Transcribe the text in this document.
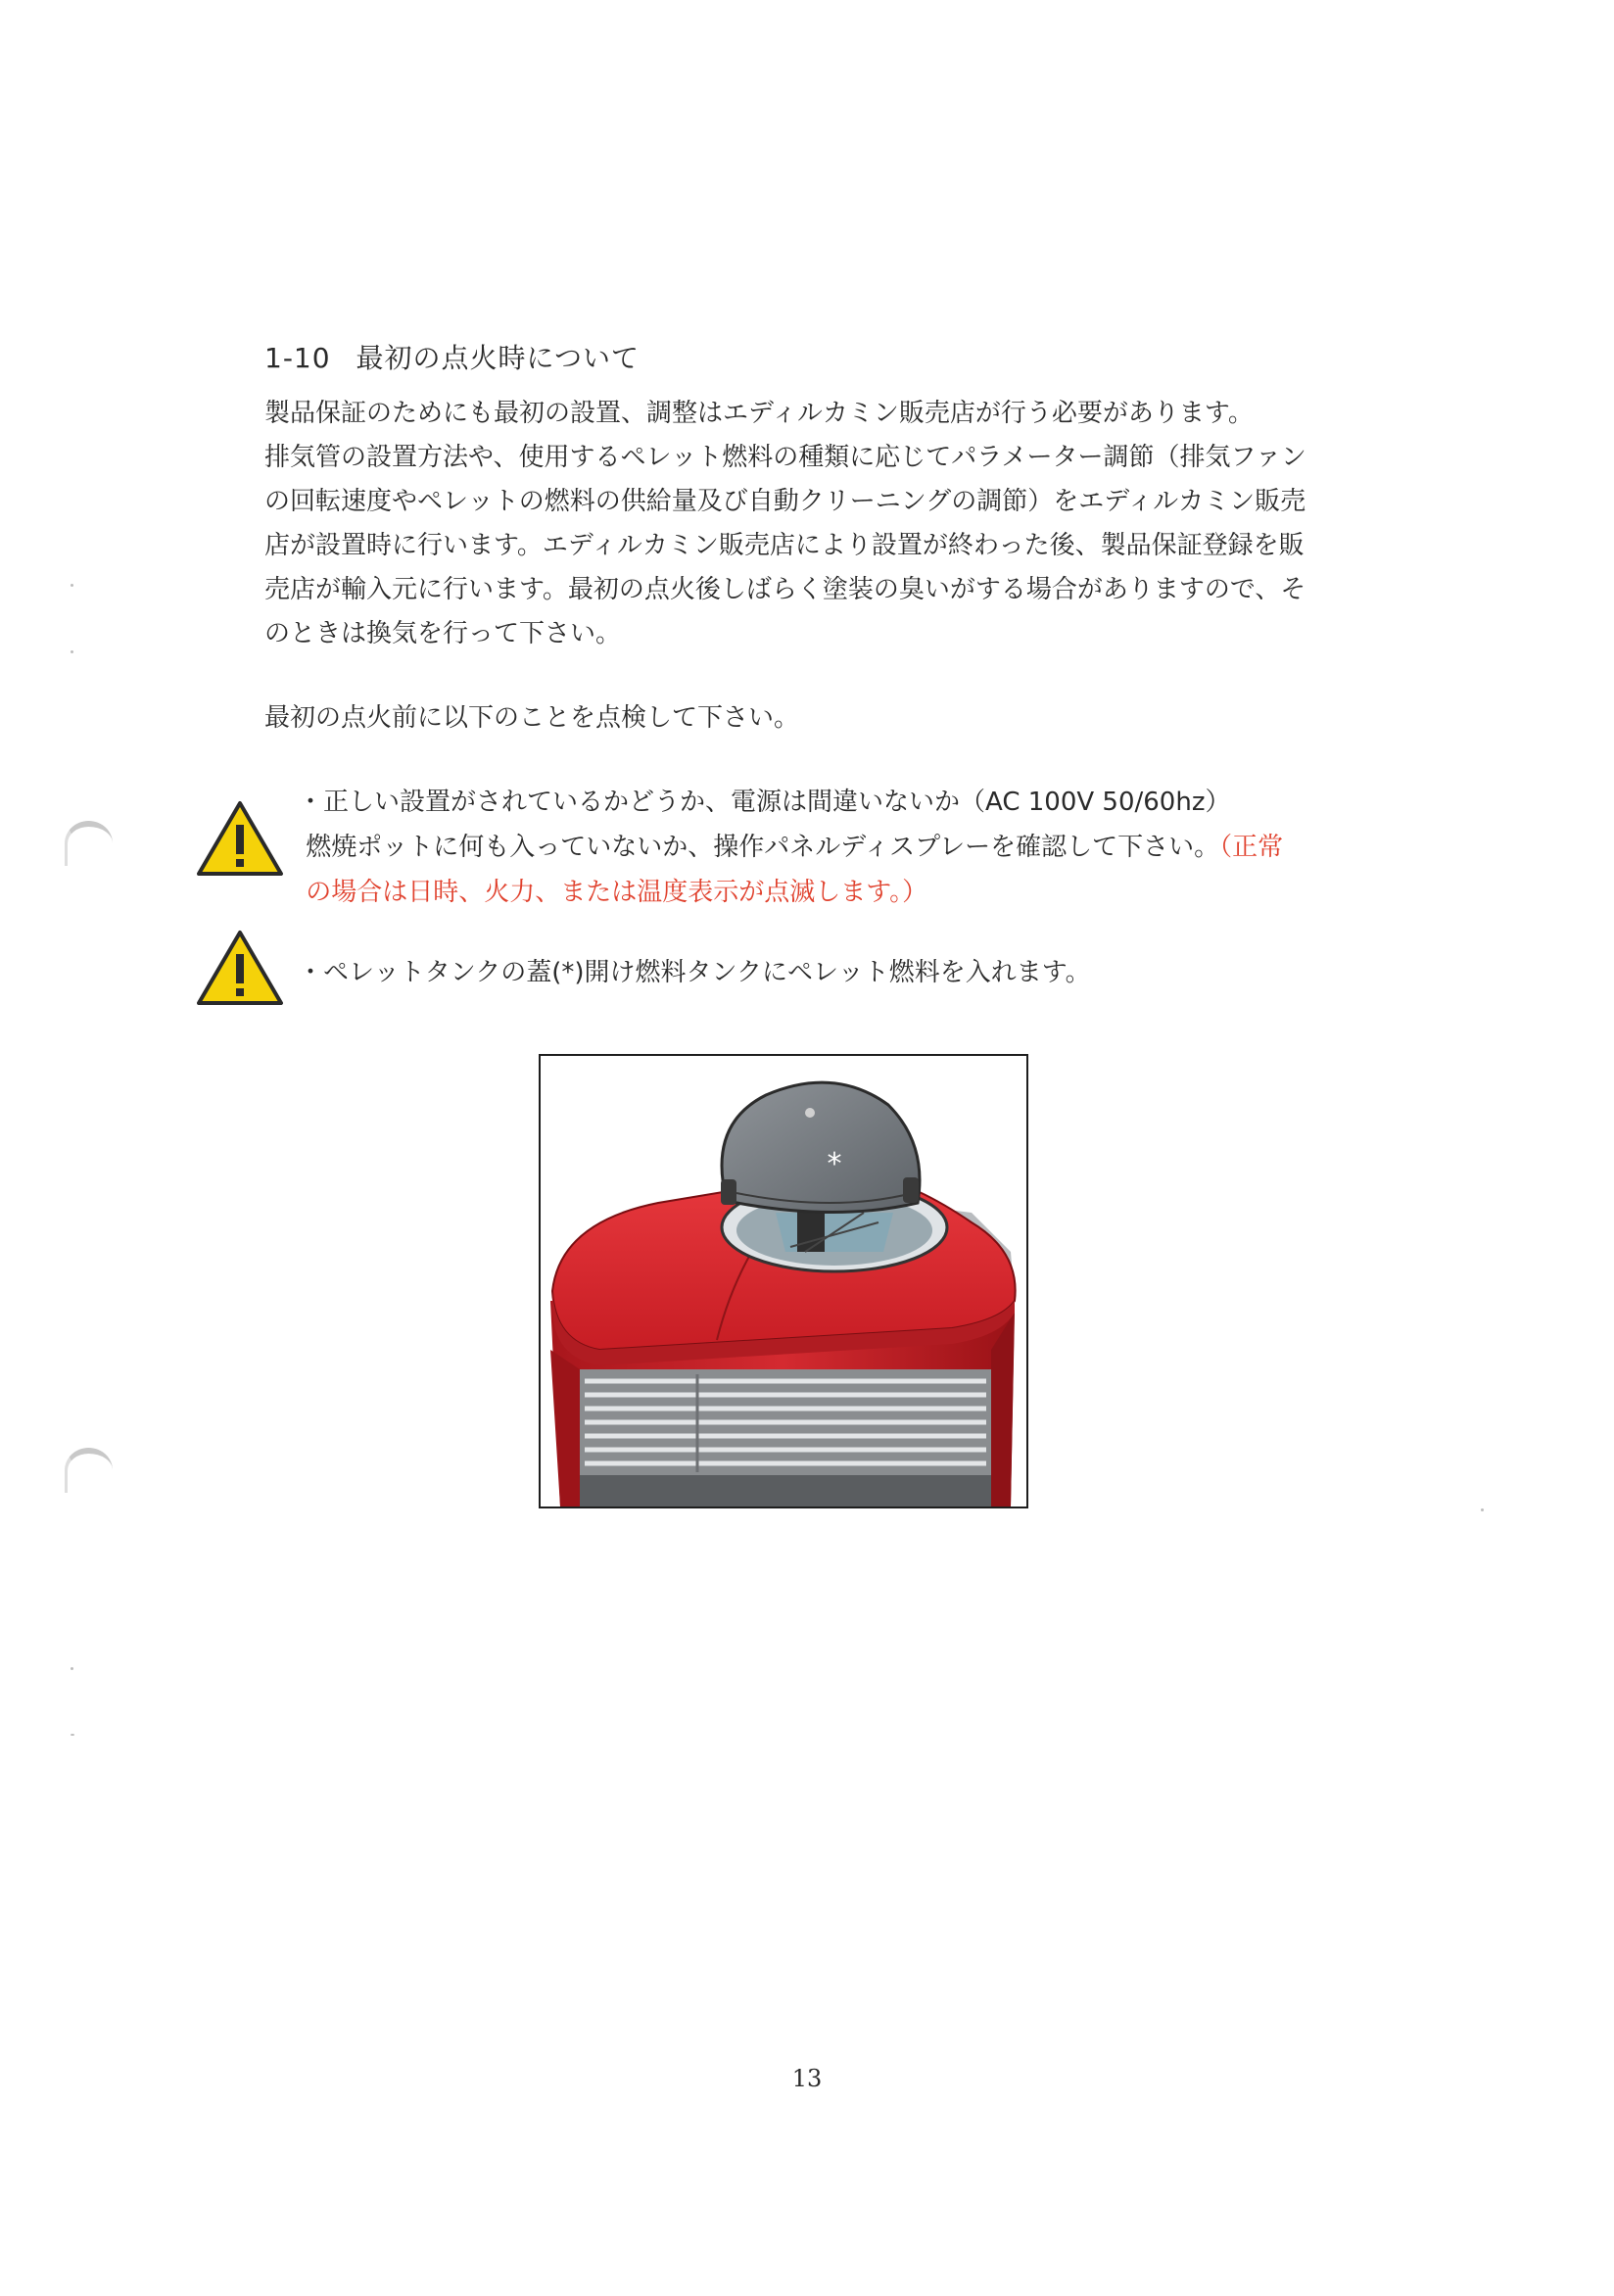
1-10 最初の点火時について
製品保証のためにも最初の設置、調整はエディルカミン販売店が行う必要があります。
排気管の設置方法や、使用するペレット燃料の種類に応じてパラメーター調節（排気ファン
の回転速度やペレットの燃料の供給量及び自動クリーニングの調節）をエディルカミン販売
店が設置時に行います。エディルカミン販売店により設置が終わった後、製品保証登録を販
売店が輸入元に行います。最初の点火後しばらく塗装の臭いがする場合がありますので、そ
のときは換気を行って下さい。
最初の点火前に以下のことを点検して下さい。
・正しい設置がされているかどうか、電源は間違いないか（AC 100V 50/60hz）
燃焼ポットに何も入っていないか、操作パネルディスプレーを確認して下さい。（正常
の場合は日時、火力、または温度表示が点滅します。）
・ペレットタンクの蓋(*)開け燃料タンクにペレット燃料を入れます。
*
13
